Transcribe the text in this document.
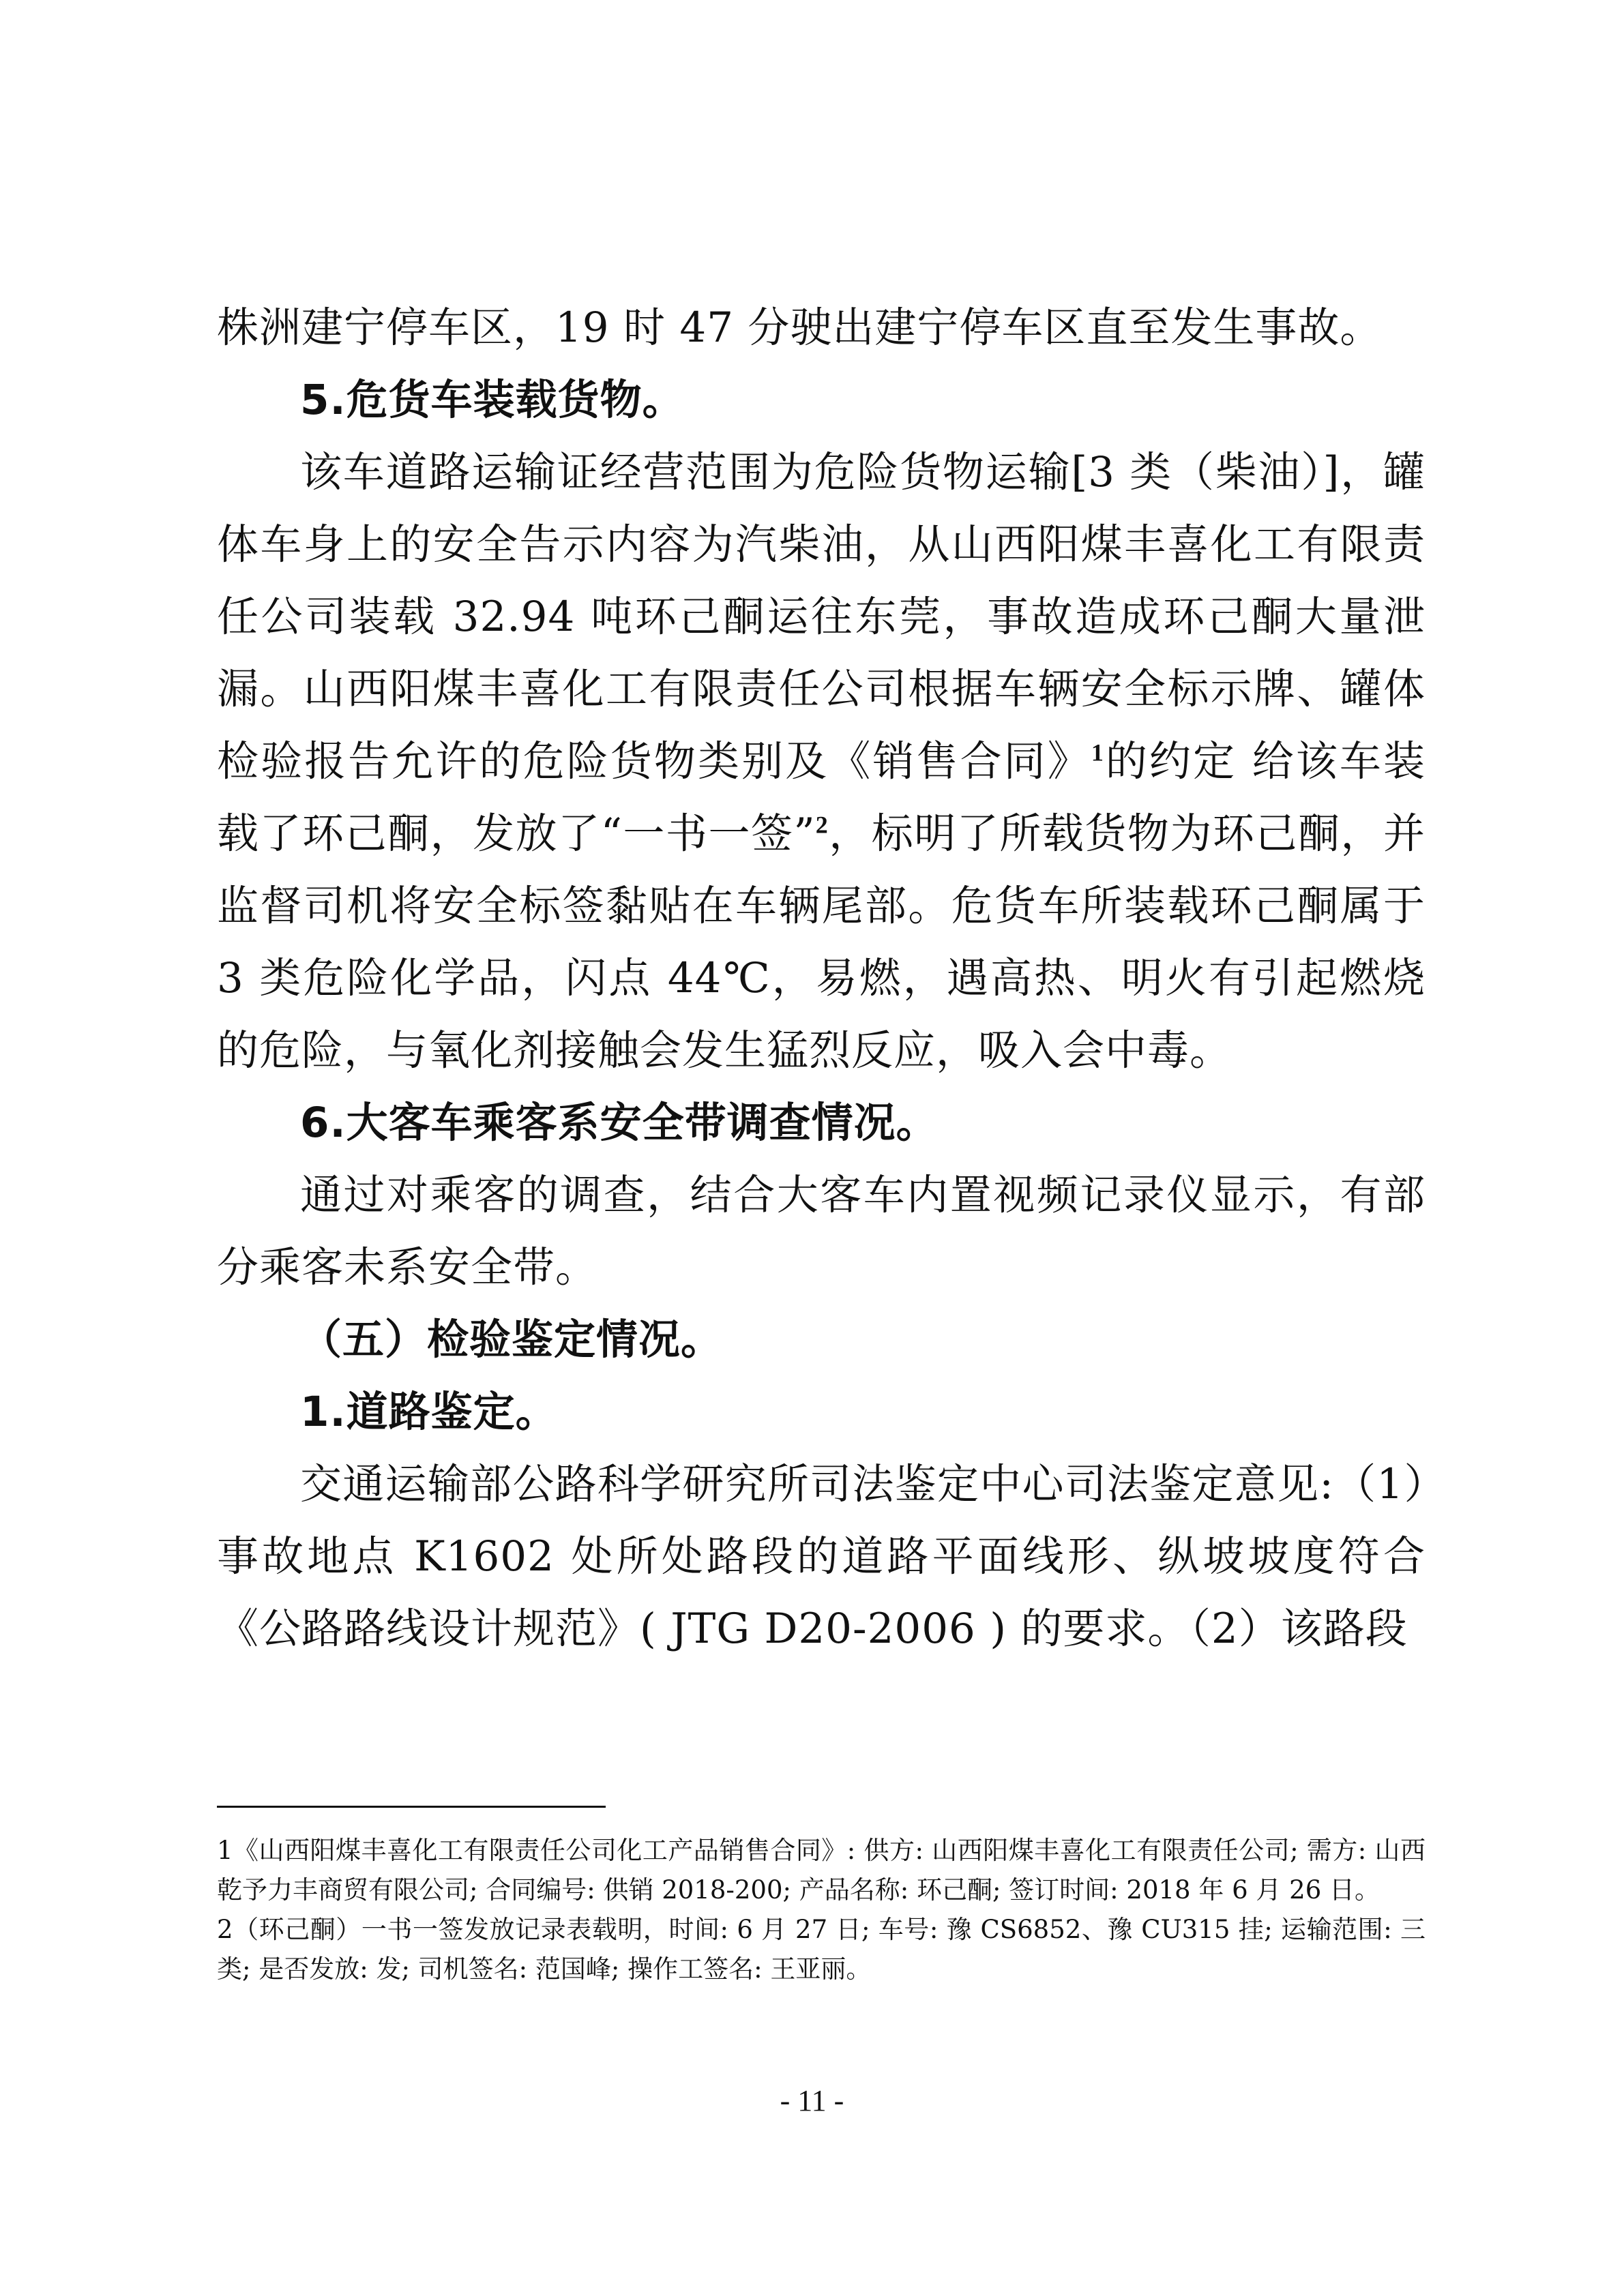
株洲建宁停车区，19 时 47 分驶出建宁停车区直至发生事故。

5.危货车装载货物。

该车道路运输证经营范围为危险货物运输[3 类（柴油）]，罐体车身上的安全告示内容为汽柴油，从山西阳煤丰喜化工有限责任公司装载 32.94 吨环己酮运往东莞，事故造成环己酮大量泄漏。山西阳煤丰喜化工有限责任公司根据车辆安全标示牌、罐体检验报告允许的危险货物类别及《销售合同》$^1$的约定 给该车装载了环己酮，发放了“一书一签”$^2$，标明了所载货物为环己酮，并监督司机将安全标签黏贴在车辆尾部。危货车所装载环己酮属于 3 类危险化学品，闪点 44℃，易燃，遇高热、明火有引起燃烧的危险，与氧化剂接触会发生猛烈反应，吸入会中毒。

6.大客车乘客系安全带调查情况。

通过对乘客的调查，结合大客车内置视频记录仪显示，有部分乘客未系安全带。

（五）检验鉴定情况。

1.道路鉴定。

交通运输部公路科学研究所司法鉴定中心司法鉴定意见:（1）事故地点 K1602 处所处路段的道路平面线形、纵坡坡度符合《公路路线设计规范》( JTG D20-2006 ) 的要求。（2）该路段

1《山西阳煤丰喜化工有限责任公司化工产品销售合同》: 供方: 山西阳煤丰喜化工有限责任公司; 需方: 山西乾予力丰商贸有限公司; 合同编号: 供销 2018-200; 产品名称: 环己酮; 签订时间: 2018 年 6 月 26 日。

2（环己酮）一书一签发放记录表载明，时间: 6 月 27 日; 车号: 豫 CS6852、豫 CU315 挂; 运输范围: 三类; 是否发放: 发; 司机签名: 范国峰; 操作工签名: 王亚丽。

- 11 -
